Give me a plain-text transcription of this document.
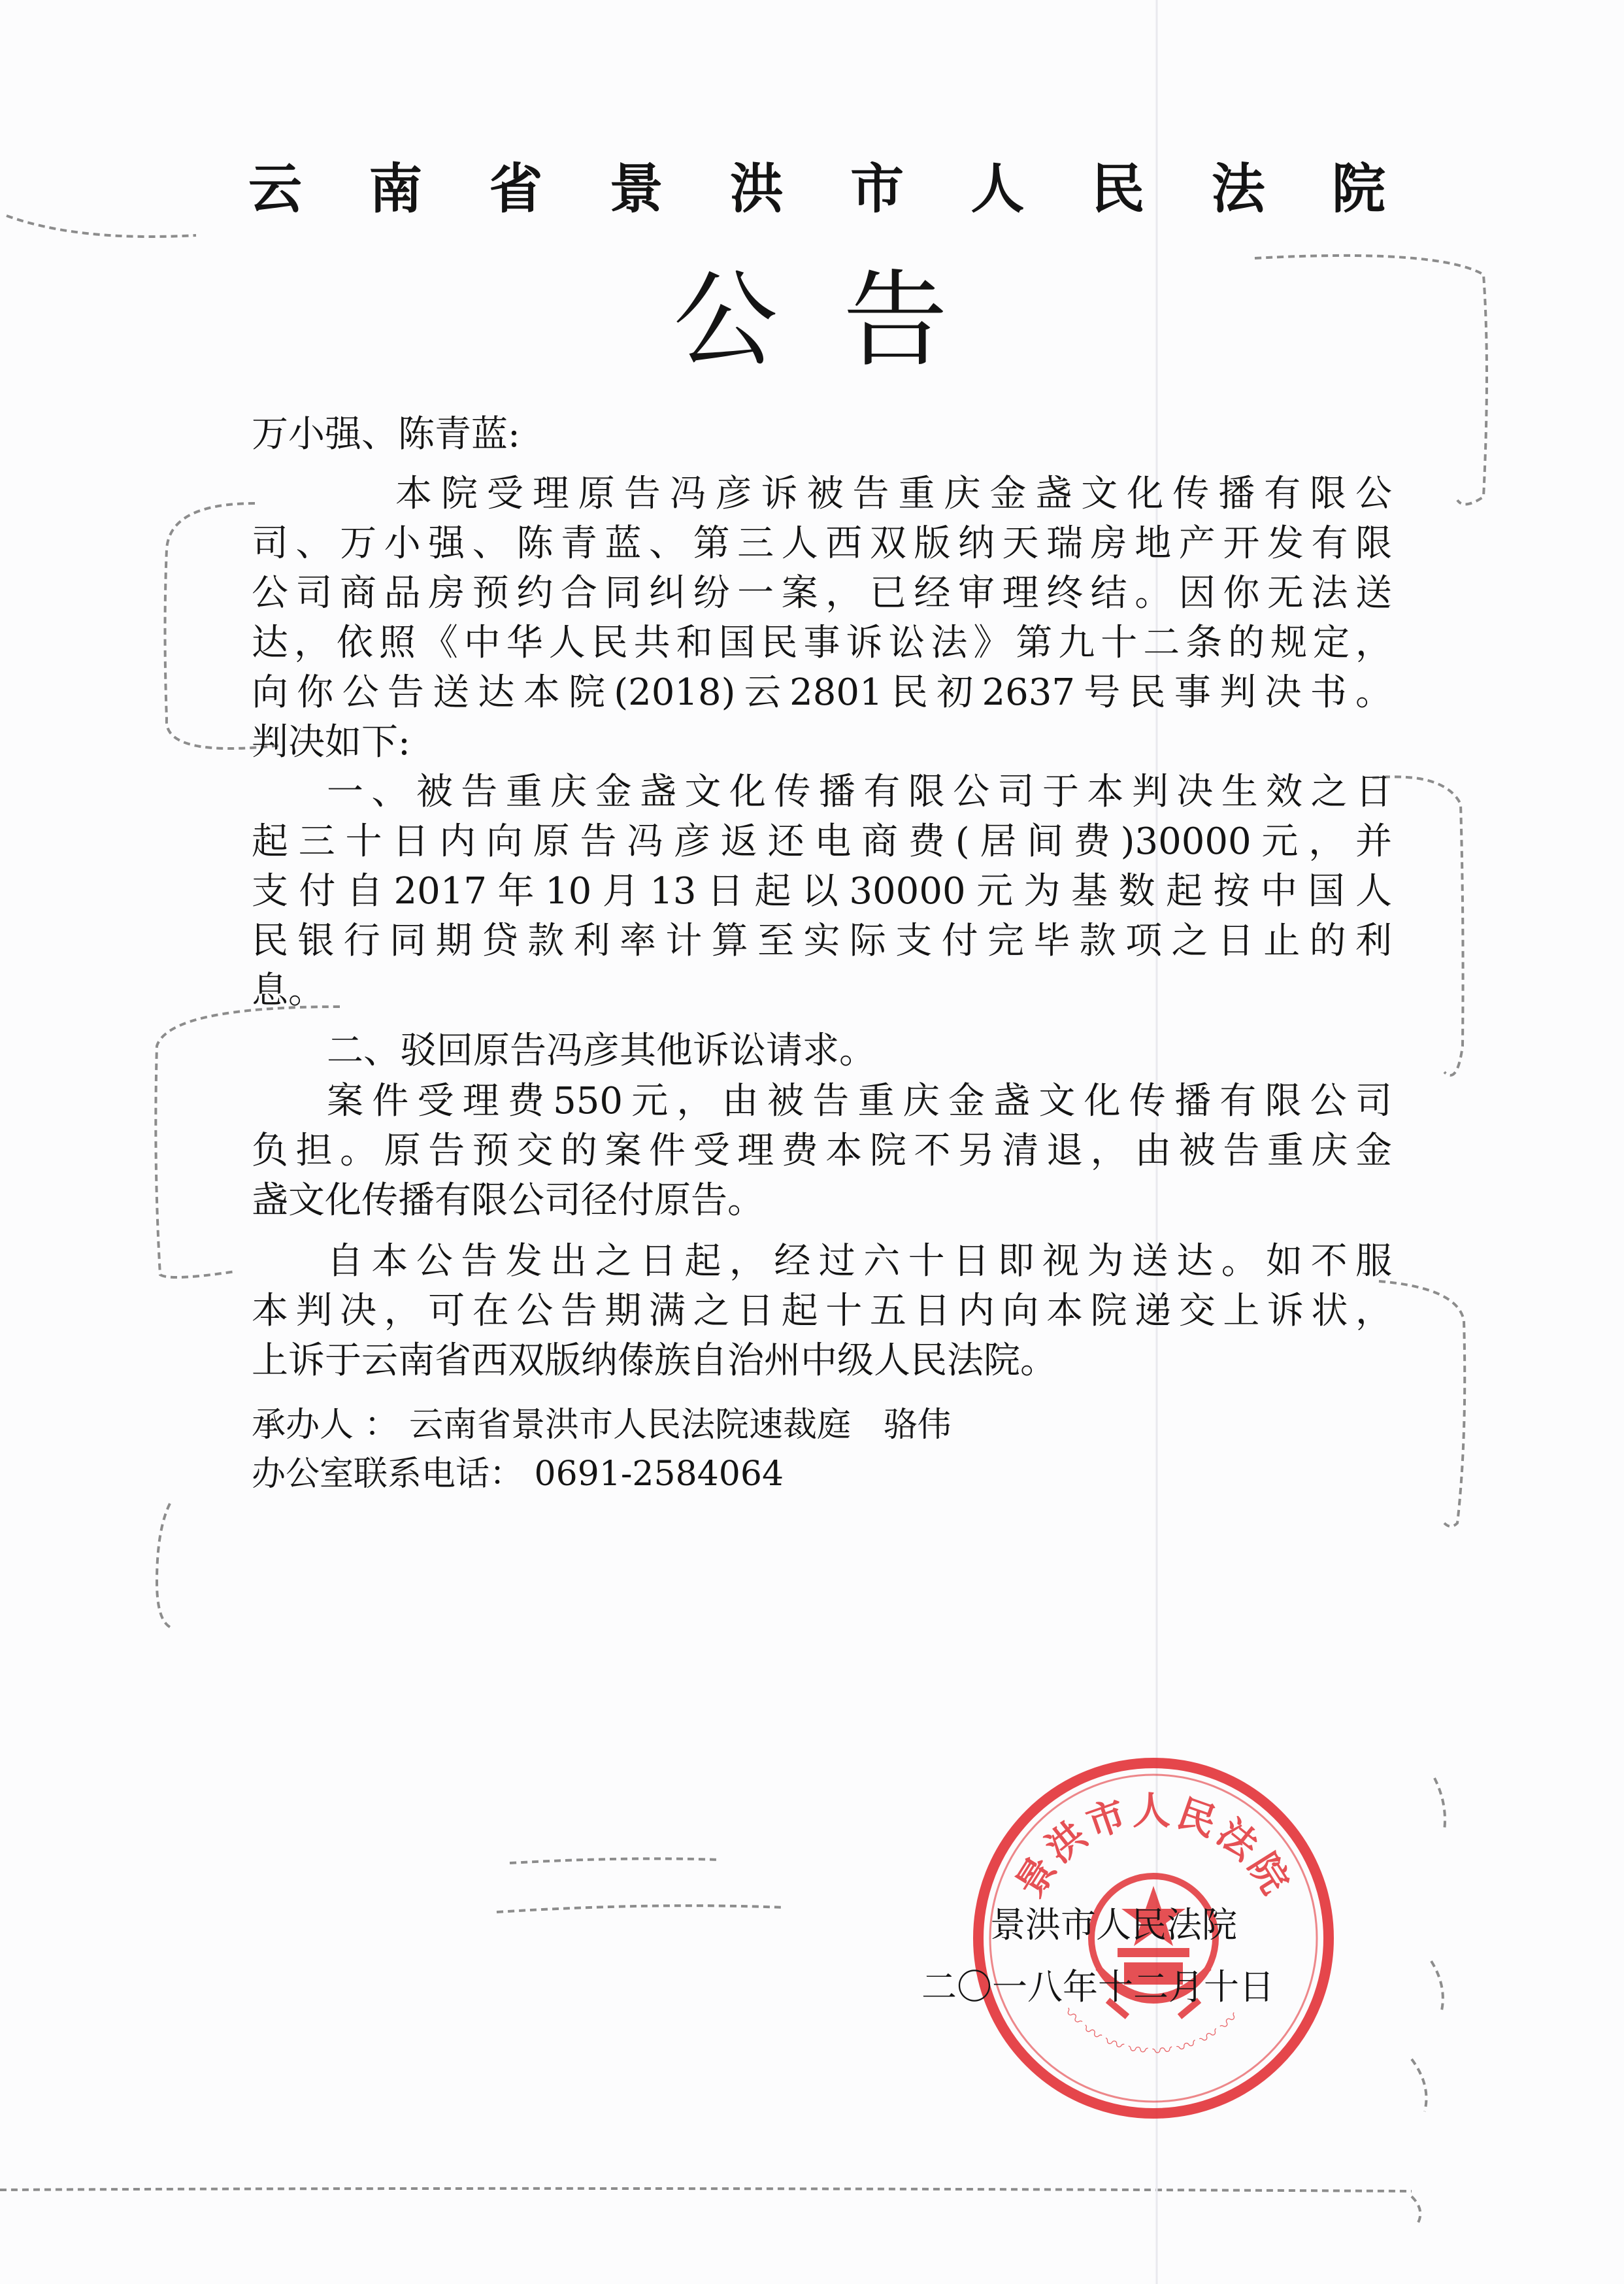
云南省景洪市人民法院
公告
万小强、陈青蓝:
本院受理原告冯彦诉被告重庆金盏文化传播有限公
司、万小强、陈青蓝、第三人西双版纳天瑞房地产开发有限
公司商品房预约合同纠纷一案，已经审理终结。因你无法送
达，依照《中华人民共和国民事诉讼法》第九十二条的规定，
向你公告送达本院(2018)云2801民初2637号民事判决书。
判决如下:
一、被告重庆金盏文化传播有限公司于本判决生效之日
起三十日内向原告冯彦返还电商费(居间费)30000元，并
支付自2017年10月13日起以30000元为基数起按中国人
民银行同期贷款利率计算至实际支付完毕款项之日止的利
息。
二、驳回原告冯彦其他诉讼请求。
案件受理费550元，由被告重庆金盏文化传播有限公司
负担。原告预交的案件受理费本院不另清退，由被告重庆金
盏文化传播有限公司径付原告。
自本公告发出之日起，经过六十日即视为送达。如不服
本判决，可在公告期满之日起十五日内向本院递交上诉状，
上诉于云南省西双版纳傣族自治州中级人民法院。
承办人 ： 云南省景洪市人民法院速裁庭   骆伟
办公室联系电话： 0691-2584064
景洪市人民法院
〰〰〰〰〰〰〰〰
景洪市人民法院
二〇一八年十二月十日
